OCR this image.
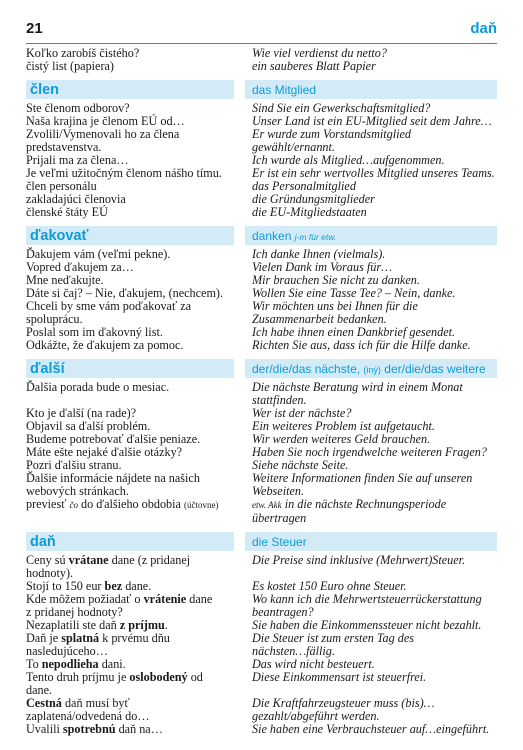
21	daň
Koľko zarobíš čistého?	Wie viel verdienst du netto?
čistý list (papiera)	ein sauberes Blatt Papier
člen	das Mitglied
Ste členom odborov?	Sind Sie ein Gewerkschaftsmitglied?
Naša krajina je členom EÚ od…	Unser Land ist ein EU-Mitglied seit dem Jahre…
Zvolili/Vymenovali ho za člena	Er wurde zum Vorstandsmitglied
predstavenstva.	gewählt/ernannt.
Prijali ma za člena…	Ich wurde als Mitglied…aufgenommen.
Je veľmi užitočným členom nášho tímu.	Er ist ein sehr wertvolles Mitglied unseres Teams.
člen personálu	das Personalmitglied
zakladajúci členovia	die Gründungsmitglieder
členské štáty EÚ	die EU-Mitgliedstaaten
ďakovať	danken j-m für etw.
Ďakujem vám (veľmi pekne).	Ich danke Ihnen (vielmals).
Vopred ďakujem za…	Vielen Dank im Voraus für…
Mne neďakujte.	Mir brauchen Sie nicht zu danken.
Dáte si čaj? – Nie, ďakujem, (nechcem).	Wollen Sie eine Tasse Tee? – Nein, danke.
Chceli by sme vám poďakovať za	Wir möchten uns bei Ihnen für die
spoluprácu.	Zusammenarbeit bedanken.
Poslal som im ďakovný list.	Ich habe ihnen einen Dankbrief gesendet.
Odkážte, že ďakujem za pomoc.	Richten Sie aus, dass ich für die Hilfe danke.
ďalší	der/die/das nächste, (iný) der/die/das weitere
Ďalšia porada bude o mesiac.	Die nächste Beratung wird in einem Monat
stattfinden.
Kto je ďalší (na rade)?	Wer ist der nächste?
Objavil sa ďalší problém.	Ein weiteres Problem ist aufgetaucht.
Budeme potrebovať ďalšie peniaze.	Wir werden weiteres Geld brauchen.
Máte ešte nejaké ďalšie otázky?	Haben Sie noch irgendwelche weiteren Fragen?
Pozri ďalšiu stranu.	Siehe nächste Seite.
Ďalšie informácie nájdete na našich	Weitere Informationen finden Sie auf unseren
webových stránkach.	Webseiten.
previesť čo do ďalšieho obdobia (účtovne)	etw. Akk in die nächste Rechnungsperiode
übertragen
daň	die Steuer
Ceny sú vrátane dane (z pridanej	Die Preise sind inklusive (Mehrwert)Steuer.
hodnoty).
Stojí to 150 eur bez dane.	Es kostet 150 Euro ohne Steuer.
Kde môžem požiadať o vrátenie dane	Wo kann ich die Mehrwertsteuerrückerstattung
z pridanej hodnoty?	beantragen?
Nezaplatili ste daň z príjmu.	Sie haben die Einkommenssteuer nicht bezahlt.
Daň je splatná k prvému dňu	Die Steuer ist zum ersten Tag des
nasledujúceho…	nächsten…fällig.
To nepodlieha dani.	Das wird nicht besteuert.
Tento druh príjmu je oslobodený od	Diese Einkommensart ist steuerfrei.
dane.
Cestná daň musí byť	Die Kraftfahrzeugsteuer muss (bis)…
zaplatená/odvedená do…	gezahlt/abgeführt werden.
Uvalili spotrebnú daň na…	Sie haben eine Verbrauchsteuer auf…eingeführt.
